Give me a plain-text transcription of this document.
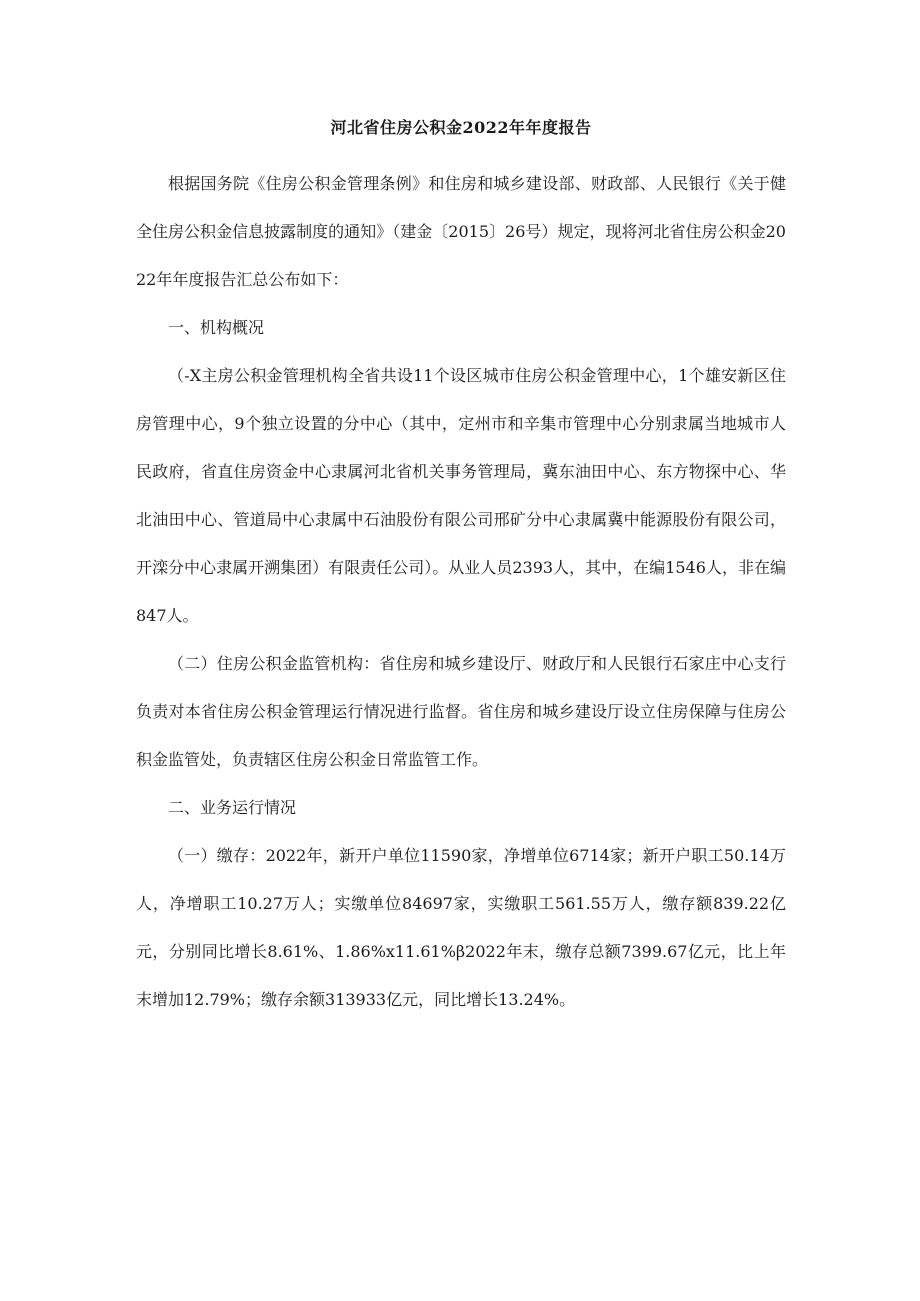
河北省住房公积金2022年年度报告

根据国务院《住房公积金管理条例》和住房和城乡建设部、财政部、人民银行《关于健全住房公积金信息披露制度的通知》（建金〔2015〕26号）规定，现将河北省住房公积金2022年年度报告汇总公布如下：

一、机构概况

（-X主房公积金管理机构全省共设11个设区城市住房公积金管理中心，1个雄安新区住房管理中心，9个独立设置的分中心（其中，定州市和辛集市管理中心分别隶属当地城市人民政府，省直住房资金中心隶属河北省机关事务管理局，冀东油田中心、东方物探中心、华北油田中心、管道局中心隶属中石油股份有限公司邢矿分中心隶属冀中能源股份有限公司，开滦分中心隶属开溯集团）有限责任公司）。从业人员2393人，其中，在编1546人，非在编847人。

（二）住房公积金监管机构：省住房和城乡建设厅、财政厅和人民银行石家庄中心支行负责对本省住房公积金管理运行情况进行监督。省住房和城乡建设厅设立住房保障与住房公积金监管处，负责辖区住房公积金日常监管工作。

二、业务运行情况

（一）缴存：2022年，新开户单位11590家，净增单位6714家；新开户职工50.14万人，净增职工10.27万人；实缴单位84697家，实缴职工561.55万人，缴存额839.22亿元，分别同比增长8.61%、1.86%x11.61%β2022年末，缴存总额7399.67亿元，比上年末增加12.79%；缴存余额313933亿元，同比增长13.24%。
